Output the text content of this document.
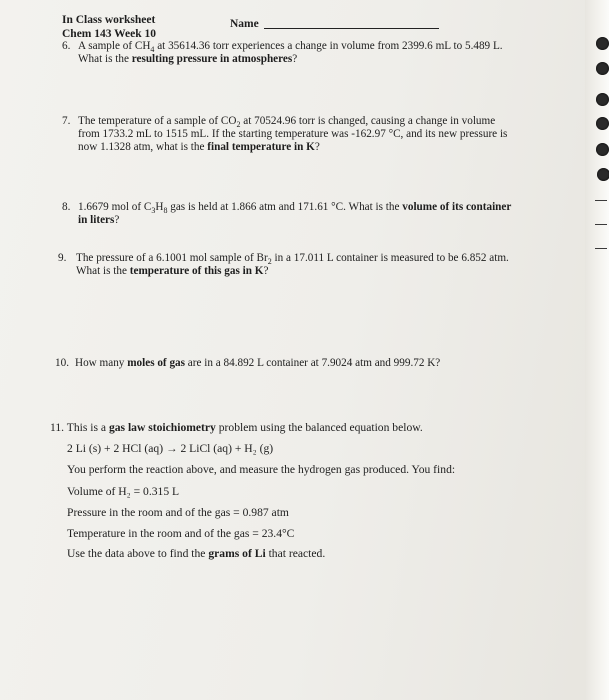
In Class worksheet
Chem 143 Week 10
Name
6. A sample of $CH_4$ at 35614.36 torr experiences a change in volume from 2399.6 mL to 5.489 L.
What is the resulting pressure in atmospheres?
7. The temperature of a sample of $CO_2$ at 70524.96 torr is changed, causing a change in volume
from 1733.2 mL to 1515 mL. If the starting temperature was -162.97 °C, and its new pressure is
now 1.1328 atm, what is the final temperature in K?
8. 1.6679 mol of $C_3H_8$ gas is held at 1.866 atm and 171.61 °C. What is the volume of its container
in liters?
9. The pressure of a 6.1001 mol sample of $Br_2$ in a 17.011 L container is measured to be 6.852 atm.
What is the temperature of this gas in K?
10. How many moles of gas are in a 84.892 L container at 7.9024 atm and 999.72 K?
11. This is a gas law stoichiometry problem using the balanced equation below.
2 Li (s) + 2 HCl (aq) → 2 LiCl (aq) + H₂ (g)
You perform the reaction above, and measure the hydrogen gas produced. You find:
Volume of H₂ = 0.315 L
Pressure in the room and of the gas = 0.987 atm
Temperature in the room and of the gas = 23.4°C
Use the data above to find the grams of Li that reacted.
